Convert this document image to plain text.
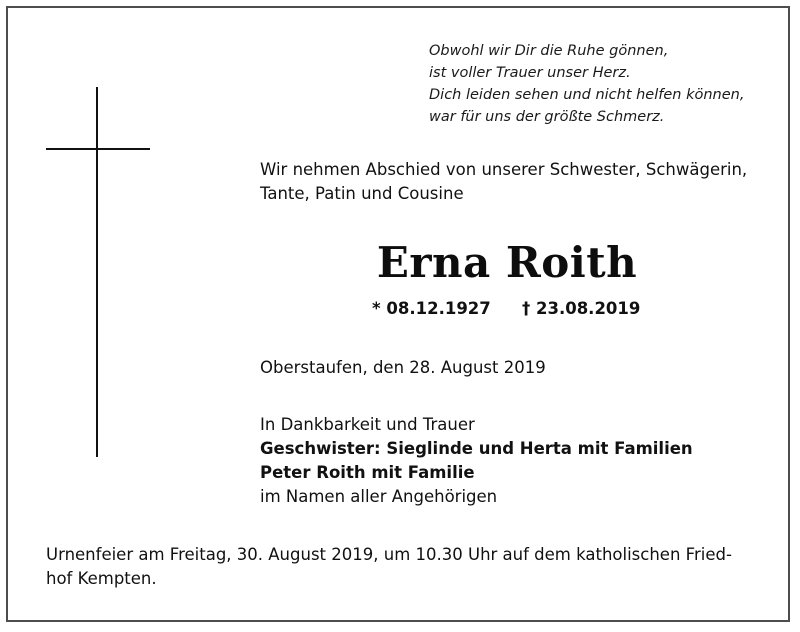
Obwohl wir Dir die Ruhe gönnen,
ist voller Trauer unser Herz.
Dich leiden sehen und nicht helfen können,
war für uns der größte Schmerz.
Wir nehmen Abschied von unserer Schwester, Schwägerin,
Tante, Patin und Cousine
Erna Roith
* 08.12.1927 † 23.08.2019
Oberstaufen, den 28. August 2019
In Dankbarkeit und Trauer
Geschwister: Sieglinde und Herta mit Familien
Peter Roith mit Familie
im Namen aller Angehörigen
Urnenfeier am Freitag, 30. August 2019, um 10.30 Uhr auf dem katholischen Fried-
hof Kempten.
